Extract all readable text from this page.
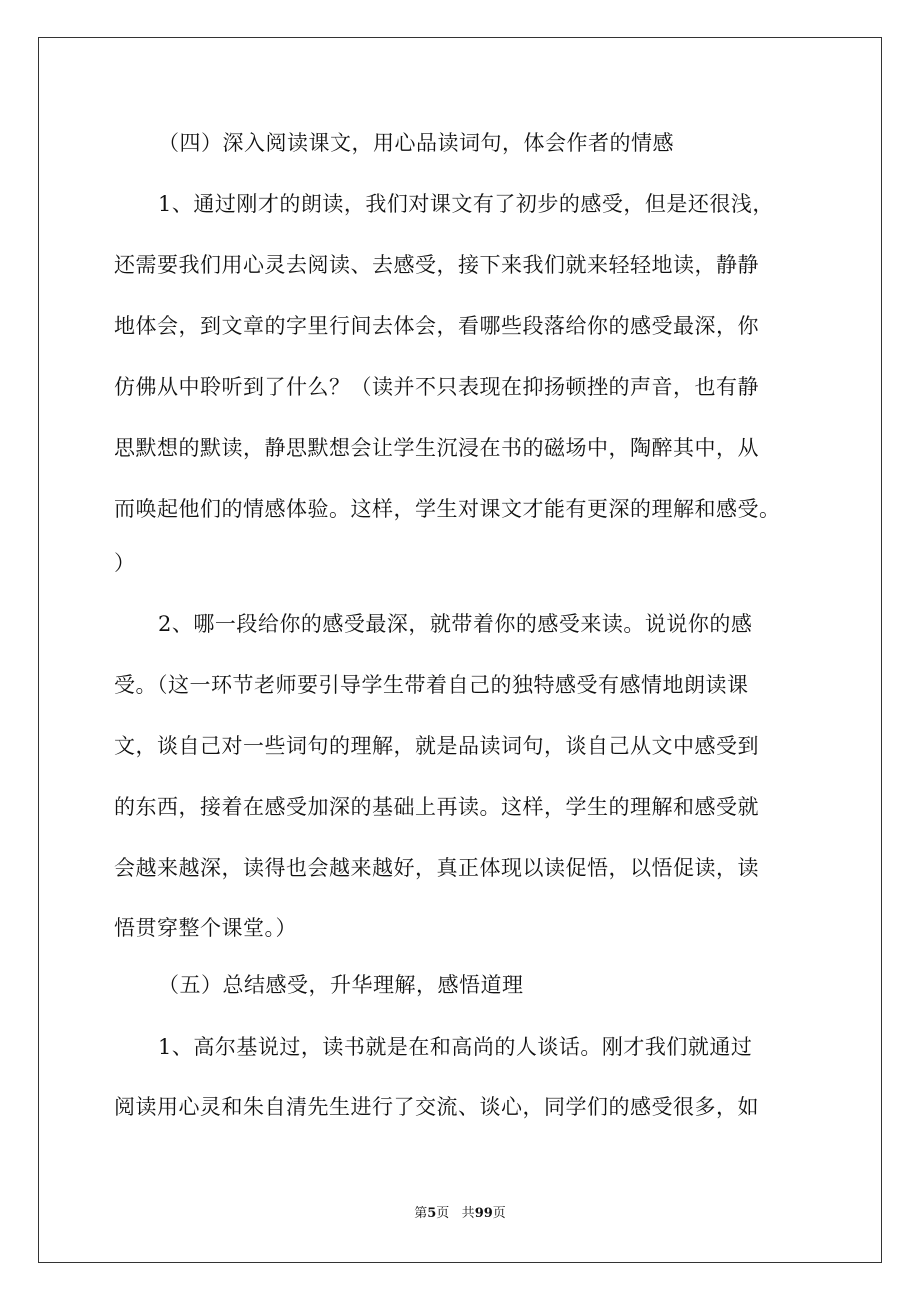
（四）深入阅读课文，用心品读词句，体会作者的情感
1、通过刚才的朗读，我们对课文有了初步的感受，但是还很浅，
还需要我们用心灵去阅读、去感受，接下来我们就来轻轻地读，静静
地体会，到文章的字里行间去体会，看哪些段落给你的感受最深，你
仿佛从中聆听到了什么？（读并不只表现在抑扬顿挫的声音，也有静
思默想的默读，静思默想会让学生沉浸在书的磁场中，陶醉其中，从
而唤起他们的情感体验。这样，学生对课文才能有更深的理解和感受。
）
2、哪一段给你的感受最深，就带着你的感受来读。说说你的感
受。（这一环节老师要引导学生带着自己的独特感受有感情地朗读课
文，谈自己对一些词句的理解，就是品读词句，谈自己从文中感受到
的东西，接着在感受加深的基础上再读。这样，学生的理解和感受就
会越来越深，读得也会越来越好，真正体现以读促悟，以悟促读，读
悟贯穿整个课堂。）
（五）总结感受，升华理解，感悟道理
1、高尔基说过，读书就是在和高尚的人谈话。刚才我们就通过
阅读用心灵和朱自清先生进行了交流、谈心，同学们的感受很多，如
第5页 共99页
